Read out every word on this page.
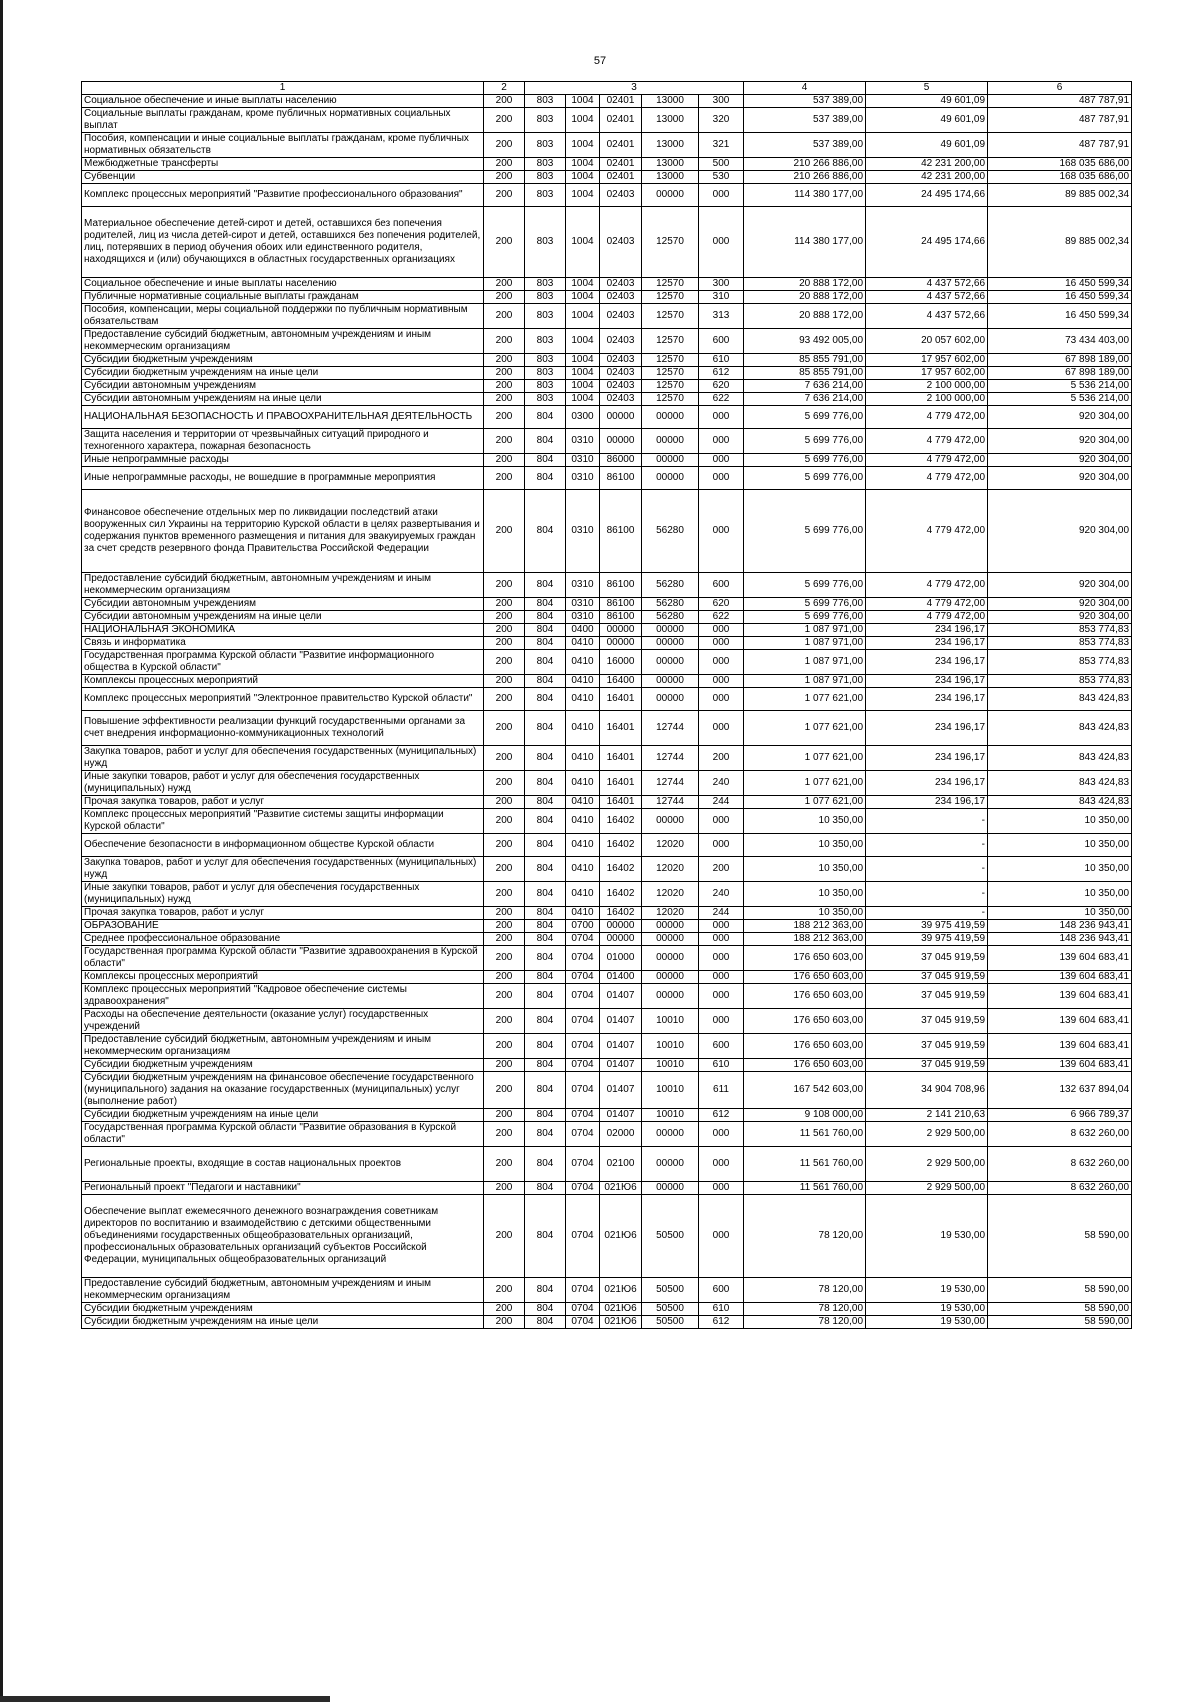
57
1	2	3					4	5	6
Социальное обеспечение и иные выплаты населению	200	803	1004	02401	13000	300	537 389,00	49 601,09	487 787,91
Социальные выплаты гражданам, кроме публичных нормативных социальных выплат	200	803	1004	02401	13000	320	537 389,00	49 601,09	487 787,91
Пособия, компенсации и иные социальные выплаты гражданам, кроме публичных нормативных обязательств	200	803	1004	02401	13000	321	537 389,00	49 601,09	487 787,91
Межбюджетные трансферты	200	803	1004	02401	13000	500	210 266 886,00	42 231 200,00	168 035 686,00
Субвенции	200	803	1004	02401	13000	530	210 266 886,00	42 231 200,00	168 035 686,00
Комплекс процессных мероприятий "Развитие профессионального образования"	200	803	1004	02403	00000	000	114 380 177,00	24 495 174,66	89 885 002,34
Материальное обеспечение детей-сирот и детей, оставшихся без попечения родителей, лиц из числа детей-сирот и детей, оставшихся без попечения родителей, лиц, потерявших в период обучения обоих или единственного родителя, находящихся и (или) обучающихся в областных государственных организациях	200	803	1004	02403	12570	000	114 380 177,00	24 495 174,66	89 885 002,34
Социальное обеспечение и иные выплаты населению	200	803	1004	02403	12570	300	20 888 172,00	4 437 572,66	16 450 599,34
Публичные нормативные социальные выплаты гражданам	200	803	1004	02403	12570	310	20 888 172,00	4 437 572,66	16 450 599,34
Пособия, компенсации, меры социальной поддержки по публичным нормативным обязательствам	200	803	1004	02403	12570	313	20 888 172,00	4 437 572,66	16 450 599,34
Предоставление субсидий бюджетным, автономным учреждениям и иным некоммерческим организациям	200	803	1004	02403	12570	600	93 492 005,00	20 057 602,00	73 434 403,00
Субсидии бюджетным учреждениям	200	803	1004	02403	12570	610	85 855 791,00	17 957 602,00	67 898 189,00
Субсидии бюджетным учреждениям на иные цели	200	803	1004	02403	12570	612	85 855 791,00	17 957 602,00	67 898 189,00
Субсидии автономным учреждениям	200	803	1004	02403	12570	620	7 636 214,00	2 100 000,00	5 536 214,00
Субсидии автономным учреждениям на иные цели	200	803	1004	02403	12570	622	7 636 214,00	2 100 000,00	5 536 214,00
НАЦИОНАЛЬНАЯ БЕЗОПАСНОСТЬ И ПРАВООХРАНИТЕЛЬНАЯ ДЕЯТЕЛЬНОСТЬ	200	804	0300	00000	00000	000	5 699 776,00	4 779 472,00	920 304,00
Защита населения и территории от чрезвычайных ситуаций природного и техногенного характера, пожарная безопасность	200	804	0310	00000	00000	000	5 699 776,00	4 779 472,00	920 304,00
Иные непрограммные расходы	200	804	0310	86000	00000	000	5 699 776,00	4 779 472,00	920 304,00
Иные непрограммные расходы, не вошедшие в программные мероприятия	200	804	0310	86100	00000	000	5 699 776,00	4 779 472,00	920 304,00
Финансовое обеспечение отдельных мер по ликвидации последствий атаки вооруженных сил Украины на территорию Курской области в целях развертывания и содержания пунктов временного размещения и питания для эвакуируемых граждан за счет средств резервного фонда Правительства Российской Федерации	200	804	0310	86100	56280	000	5 699 776,00	4 779 472,00	920 304,00
Предоставление субсидий бюджетным, автономным учреждениям и иным некоммерческим организациям	200	804	0310	86100	56280	600	5 699 776,00	4 779 472,00	920 304,00
Субсидии автономным учреждениям	200	804	0310	86100	56280	620	5 699 776,00	4 779 472,00	920 304,00
Субсидии автономным учреждениям на иные цели	200	804	0310	86100	56280	622	5 699 776,00	4 779 472,00	920 304,00
НАЦИОНАЛЬНАЯ ЭКОНОМИКА	200	804	0400	00000	00000	000	1 087 971,00	234 196,17	853 774,83
Связь и информатика	200	804	0410	00000	00000	000	1 087 971,00	234 196,17	853 774,83
Государственная программа Курской области "Развитие информационного общества в Курской области"	200	804	0410	16000	00000	000	1 087 971,00	234 196,17	853 774,83
Комплексы процессных мероприятий	200	804	0410	16400	00000	000	1 087 971,00	234 196,17	853 774,83
Комплекс процессных мероприятий "Электронное правительство Курской области"	200	804	0410	16401	00000	000	1 077 621,00	234 196,17	843 424,83
Повышение эффективности реализации функций государственными органами за счет внедрения информационно-коммуникационных технологий	200	804	0410	16401	12744	000	1 077 621,00	234 196,17	843 424,83
Закупка товаров, работ и услуг для обеспечения государственных (муниципальных) нужд	200	804	0410	16401	12744	200	1 077 621,00	234 196,17	843 424,83
Иные закупки товаров, работ и услуг для обеспечения государственных (муниципальных) нужд	200	804	0410	16401	12744	240	1 077 621,00	234 196,17	843 424,83
Прочая закупка товаров, работ и услуг	200	804	0410	16401	12744	244	1 077 621,00	234 196,17	843 424,83
Комплекс процессных мероприятий "Развитие системы защиты информации Курской области"	200	804	0410	16402	00000	000	10 350,00	-	10 350,00
Обеспечение безопасности в информационном обществе Курской области	200	804	0410	16402	12020	000	10 350,00	-	10 350,00
Закупка товаров, работ и услуг для обеспечения государственных (муниципальных) нужд	200	804	0410	16402	12020	200	10 350,00	-	10 350,00
Иные закупки товаров, работ и услуг для обеспечения государственных (муниципальных) нужд	200	804	0410	16402	12020	240	10 350,00	-	10 350,00
Прочая закупка товаров, работ и услуг	200	804	0410	16402	12020	244	10 350,00	-	10 350,00
ОБРАЗОВАНИЕ	200	804	0700	00000	00000	000	188 212 363,00	39 975 419,59	148 236 943,41
Среднее профессиональное образование	200	804	0704	00000	00000	000	188 212 363,00	39 975 419,59	148 236 943,41
Государственная программа Курской области "Развитие здравоохранения в Курской области"	200	804	0704	01000	00000	000	176 650 603,00	37 045 919,59	139 604 683,41
Комплексы процессных мероприятий	200	804	0704	01400	00000	000	176 650 603,00	37 045 919,59	139 604 683,41
Комплекс процессных мероприятий "Кадровое обеспечение системы здравоохранения"	200	804	0704	01407	00000	000	176 650 603,00	37 045 919,59	139 604 683,41
Расходы на обеспечение деятельности (оказание услуг) государственных учреждений	200	804	0704	01407	10010	000	176 650 603,00	37 045 919,59	139 604 683,41
Предоставление субсидий бюджетным, автономным учреждениям и иным некоммерческим организациям	200	804	0704	01407	10010	600	176 650 603,00	37 045 919,59	139 604 683,41
Субсидии бюджетным учреждениям	200	804	0704	01407	10010	610	176 650 603,00	37 045 919,59	139 604 683,41
Субсидии бюджетным учреждениям на финансовое обеспечение государственного (муниципального) задания на оказание государственных (муниципальных) услуг (выполнение работ)	200	804	0704	01407	10010	611	167 542 603,00	34 904 708,96	132 637 894,04
Субсидии бюджетным учреждениям на иные цели	200	804	0704	01407	10010	612	9 108 000,00	2 141 210,63	6 966 789,37
Государственная программа Курской области "Развитие образования в Курской области"	200	804	0704	02000	00000	000	11 561 760,00	2 929 500,00	8 632 260,00
Региональные проекты, входящие в состав национальных проектов	200	804	0704	02100	00000	000	11 561 760,00	2 929 500,00	8 632 260,00
Региональный проект "Педагоги и наставники"	200	804	0704	021Ю6	00000	000	11 561 760,00	2 929 500,00	8 632 260,00
Обеспечение выплат ежемесячного денежного вознаграждения советникам директоров по воспитанию и взаимодействию с детскими общественными объединениями государственных общеобразовательных организаций, профессиональных образовательных организаций субъектов Российской Федерации, муниципальных общеобразовательных организаций	200	804	0704	021Ю6	50500	000	78 120,00	19 530,00	58 590,00
Предоставление субсидий бюджетным, автономным учреждениям и иным некоммерческим организациям	200	804	0704	021Ю6	50500	600	78 120,00	19 530,00	58 590,00
Субсидии бюджетным учреждениям	200	804	0704	021Ю6	50500	610	78 120,00	19 530,00	58 590,00
Субсидии бюджетным учреждениям на иные цели	200	804	0704	021Ю6	50500	612	78 120,00	19 530,00	58 590,00
